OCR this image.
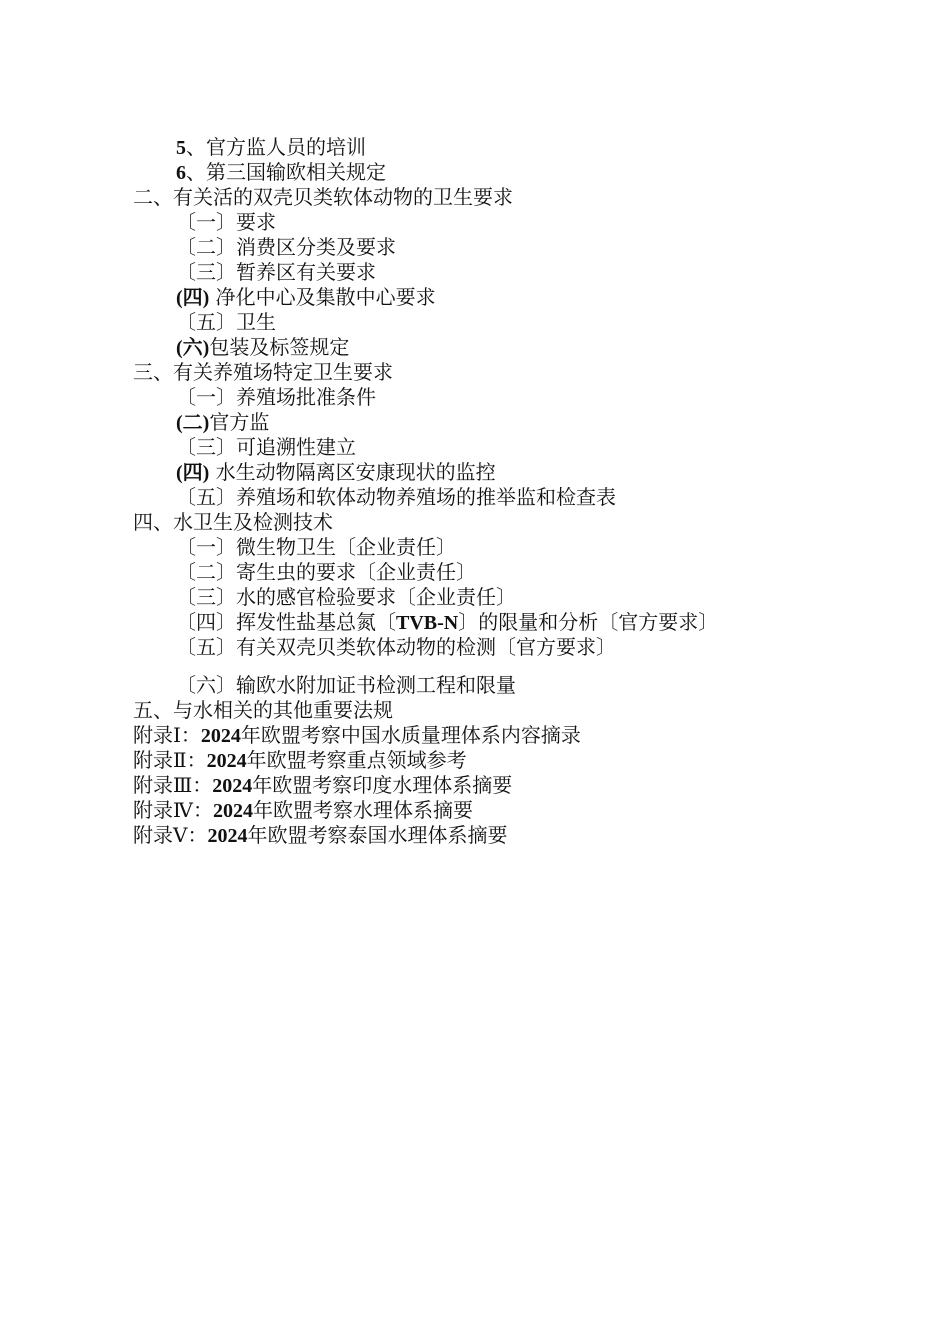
5、官方监人员的培训
6、第三国输欧相关规定
二、有关活的双壳贝类软体动物的卫生要求
〔一〕要求
〔二〕消费区分类及要求
〔三〕暂养区有关要求
(四) 净化中心及集散中心要求
〔五〕卫生
(六)包装及标签规定
三、有关养殖场特定卫生要求
〔一〕养殖场批准条件
(二)官方监
〔三〕可追溯性建立
(四) 水生动物隔离区安康现状的监控
〔五〕养殖场和软体动物养殖场的推举监和检查表
四、水卫生及检测技术
〔一〕微生物卫生〔企业责任〕
〔二〕寄生虫的要求〔企业责任〕
〔三〕水的感官检验要求〔企业责任〕
〔四〕挥发性盐基总氮〔TVB-N〕的限量和分析〔官方要求〕
〔五〕有关双壳贝类软体动物的检测〔官方要求〕
〔六〕输欧水附加证书检测工程和限量
五、与水相关的其他重要法规
附录Ⅰ：2024年欧盟考察中国水质量理体系内容摘录
附录Ⅱ：2024年欧盟考察重点领域参考
附录Ⅲ：2024年欧盟考察印度水理体系摘要
附录Ⅳ：2024年欧盟考察水理体系摘要
附录Ⅴ：2024年欧盟考察泰国水理体系摘要
